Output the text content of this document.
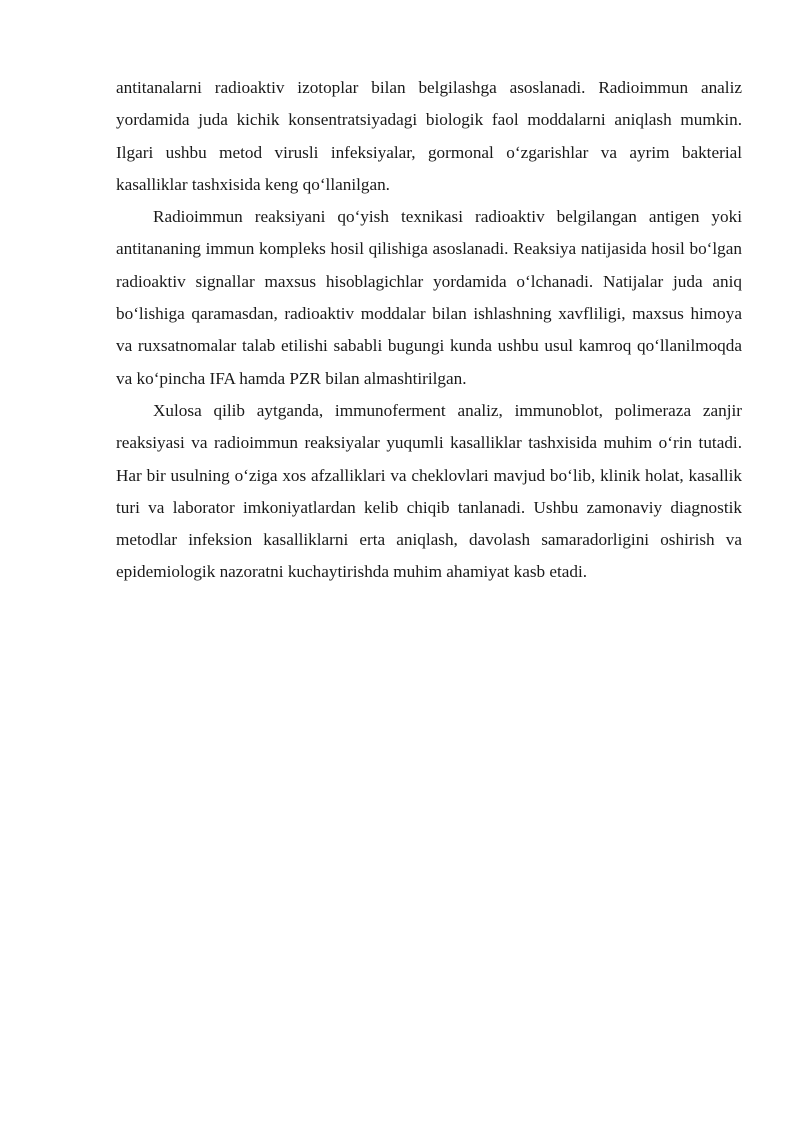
antitanalarni radioaktiv izotoplar bilan belgilashga asoslanadi. Radioimmun analiz yordamida juda kichik konsentratsiyadagi biologik faol moddalarni aniqlash mumkin. Ilgari ushbu metod virusli infeksiyalar, gormonal o‘zgarishlar va ayrim bakterial kasalliklar tashxisida keng qo‘llanilgan.

Radioimmun reaksiyani qo‘yish texnikasi radioaktiv belgilangan antigen yoki antitananing immun kompleks hosil qilishiga asoslanadi. Reaksiya natijasida hosil bo‘lgan radioaktiv signallar maxsus hisoblagichlar yordamida o‘lchanadi. Natijalar juda aniq bo‘lishiga qaramasdan, radioaktiv moddalar bilan ishlashning xavfliligi, maxsus himoya va ruxsatnomalar talab etilishi sababli bugungi kunda ushbu usul kamroq qo‘llanilmoqda va ko‘pincha IFA hamda PZR bilan almashtirilgan.

Xulosa qilib aytganda, immunoferment analiz, immunoblot, polimeraza zanjir reaksiyasi va radioimmun reaksiyalar yuqumli kasalliklar tashxisida muhim o‘rin tutadi. Har bir usulning o‘ziga xos afzalliklari va cheklovlari mavjud bo‘lib, klinik holat, kasallik turi va laborator imkoniyatlardan kelib chiqib tanlanadi. Ushbu zamonaviy diagnostik metodlar infeksion kasalliklarni erta aniqlash, davolash samaradorligini oshirish va epidemiologik nazoratni kuchaytirishda muhim ahamiyat kasb etadi.
